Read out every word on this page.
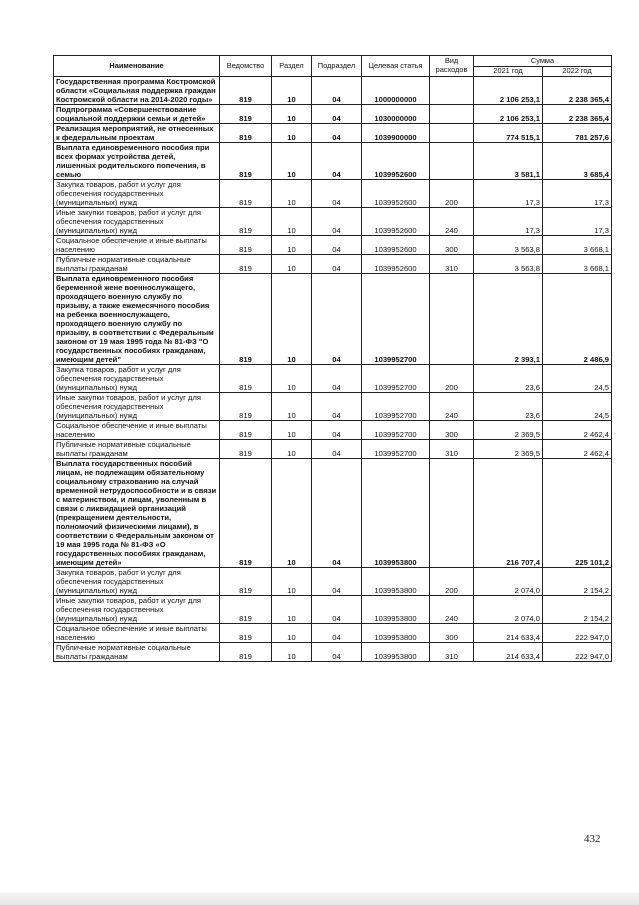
Наименование	Ведомство	Раздел	Подраздел	Целевая статья	Вид расходов	Сумма	
						2021 год	2022 год
Государственная программа Костромской области «Социальная поддержка граждан Костромской области на 2014-2020 годы»	819	10	04	1000000000		2 106 253,1	2 238 365,4
Подпрограмма «Совершенствование социальной поддержки семьи и детей»	819	10	04	1030000000		2 106 253,1	2 238 365,4
Реализация мероприятий, не отнесенных к федеральным проектам	819	10	04	1039900000		774 515,1	781 257,6
Выплата единовременного пособия при всех формах устройства детей, лишенных родительского попечения, в семью	819	10	04	1039952600		3 581,1	3 685,4
Закупка товаров, работ и услуг для обеспечения государственных (муниципальных) нужд	819	10	04	1039952600	200	17,3	17,3
Иные закупки товаров, работ и услуг для обеспечения государственных (муниципальных) нужд	819	10	04	1039952600	240	17,3	17,3
Социальное обеспечение и иные выплаты населению	819	10	04	1039952600	300	3 563,8	3 668,1
Публичные нормативные социальные выплаты гражданам	819	10	04	1039952600	310	3 563,8	3 668,1
Выплата единовременного пособия беременной жене военнослужащего, проходящего военную службу по призыву, а также ежемесячного пособия на ребенка военнослужащего, проходящего военную службу по призыву, в соответствии с Федеральным законом от 19 мая 1995 года № 81-ФЗ "О государственных пособиях гражданам, имеющим детей"	819	10	04	1039952700		2 393,1	2 486,9
Закупка товаров, работ и услуг для обеспечения государственных (муниципальных) нужд	819	10	04	1039952700	200	23,6	24,5
Иные закупки товаров, работ и услуг для обеспечения государственных (муниципальных) нужд	819	10	04	1039952700	240	23,6	24,5
Социальное обеспечение и иные выплаты населению	819	10	04	1039952700	300	2 369,5	2 462,4
Публичные нормативные социальные выплаты гражданам	819	10	04	1039952700	310	2 369,5	2 462,4
Выплата государственных пособий лицам, не подлежащим обязательному социальному страхованию на случай временной нетрудоспособности и в связи с материнством, и лицам, уволенным в связи с ликвидацией организаций (прекращением деятельности, полномочий физическими лицами), в соответствии с Федеральным законом от 19 мая 1995 года № 81-ФЗ «О государственных пособиях гражданам, имеющим детей»	819	10	04	1039953800		216 707,4	225 101,2
Закупка товаров, работ и услуг для обеспечения государственных (муниципальных) нужд	819	10	04	1039953800	200	2 074,0	2 154,2
Иные закупки товаров, работ и услуг для обеспечения государственных (муниципальных) нужд	819	10	04	1039953800	240	2 074,0	2 154,2
Социальное обеспечение и иные выплаты населению	819	10	04	1039953800	300	214 633,4	222 947,0
Публичные нормативные социальные выплаты гражданам	819	10	04	1039953800	310	214 633,4	222 947,0
432
